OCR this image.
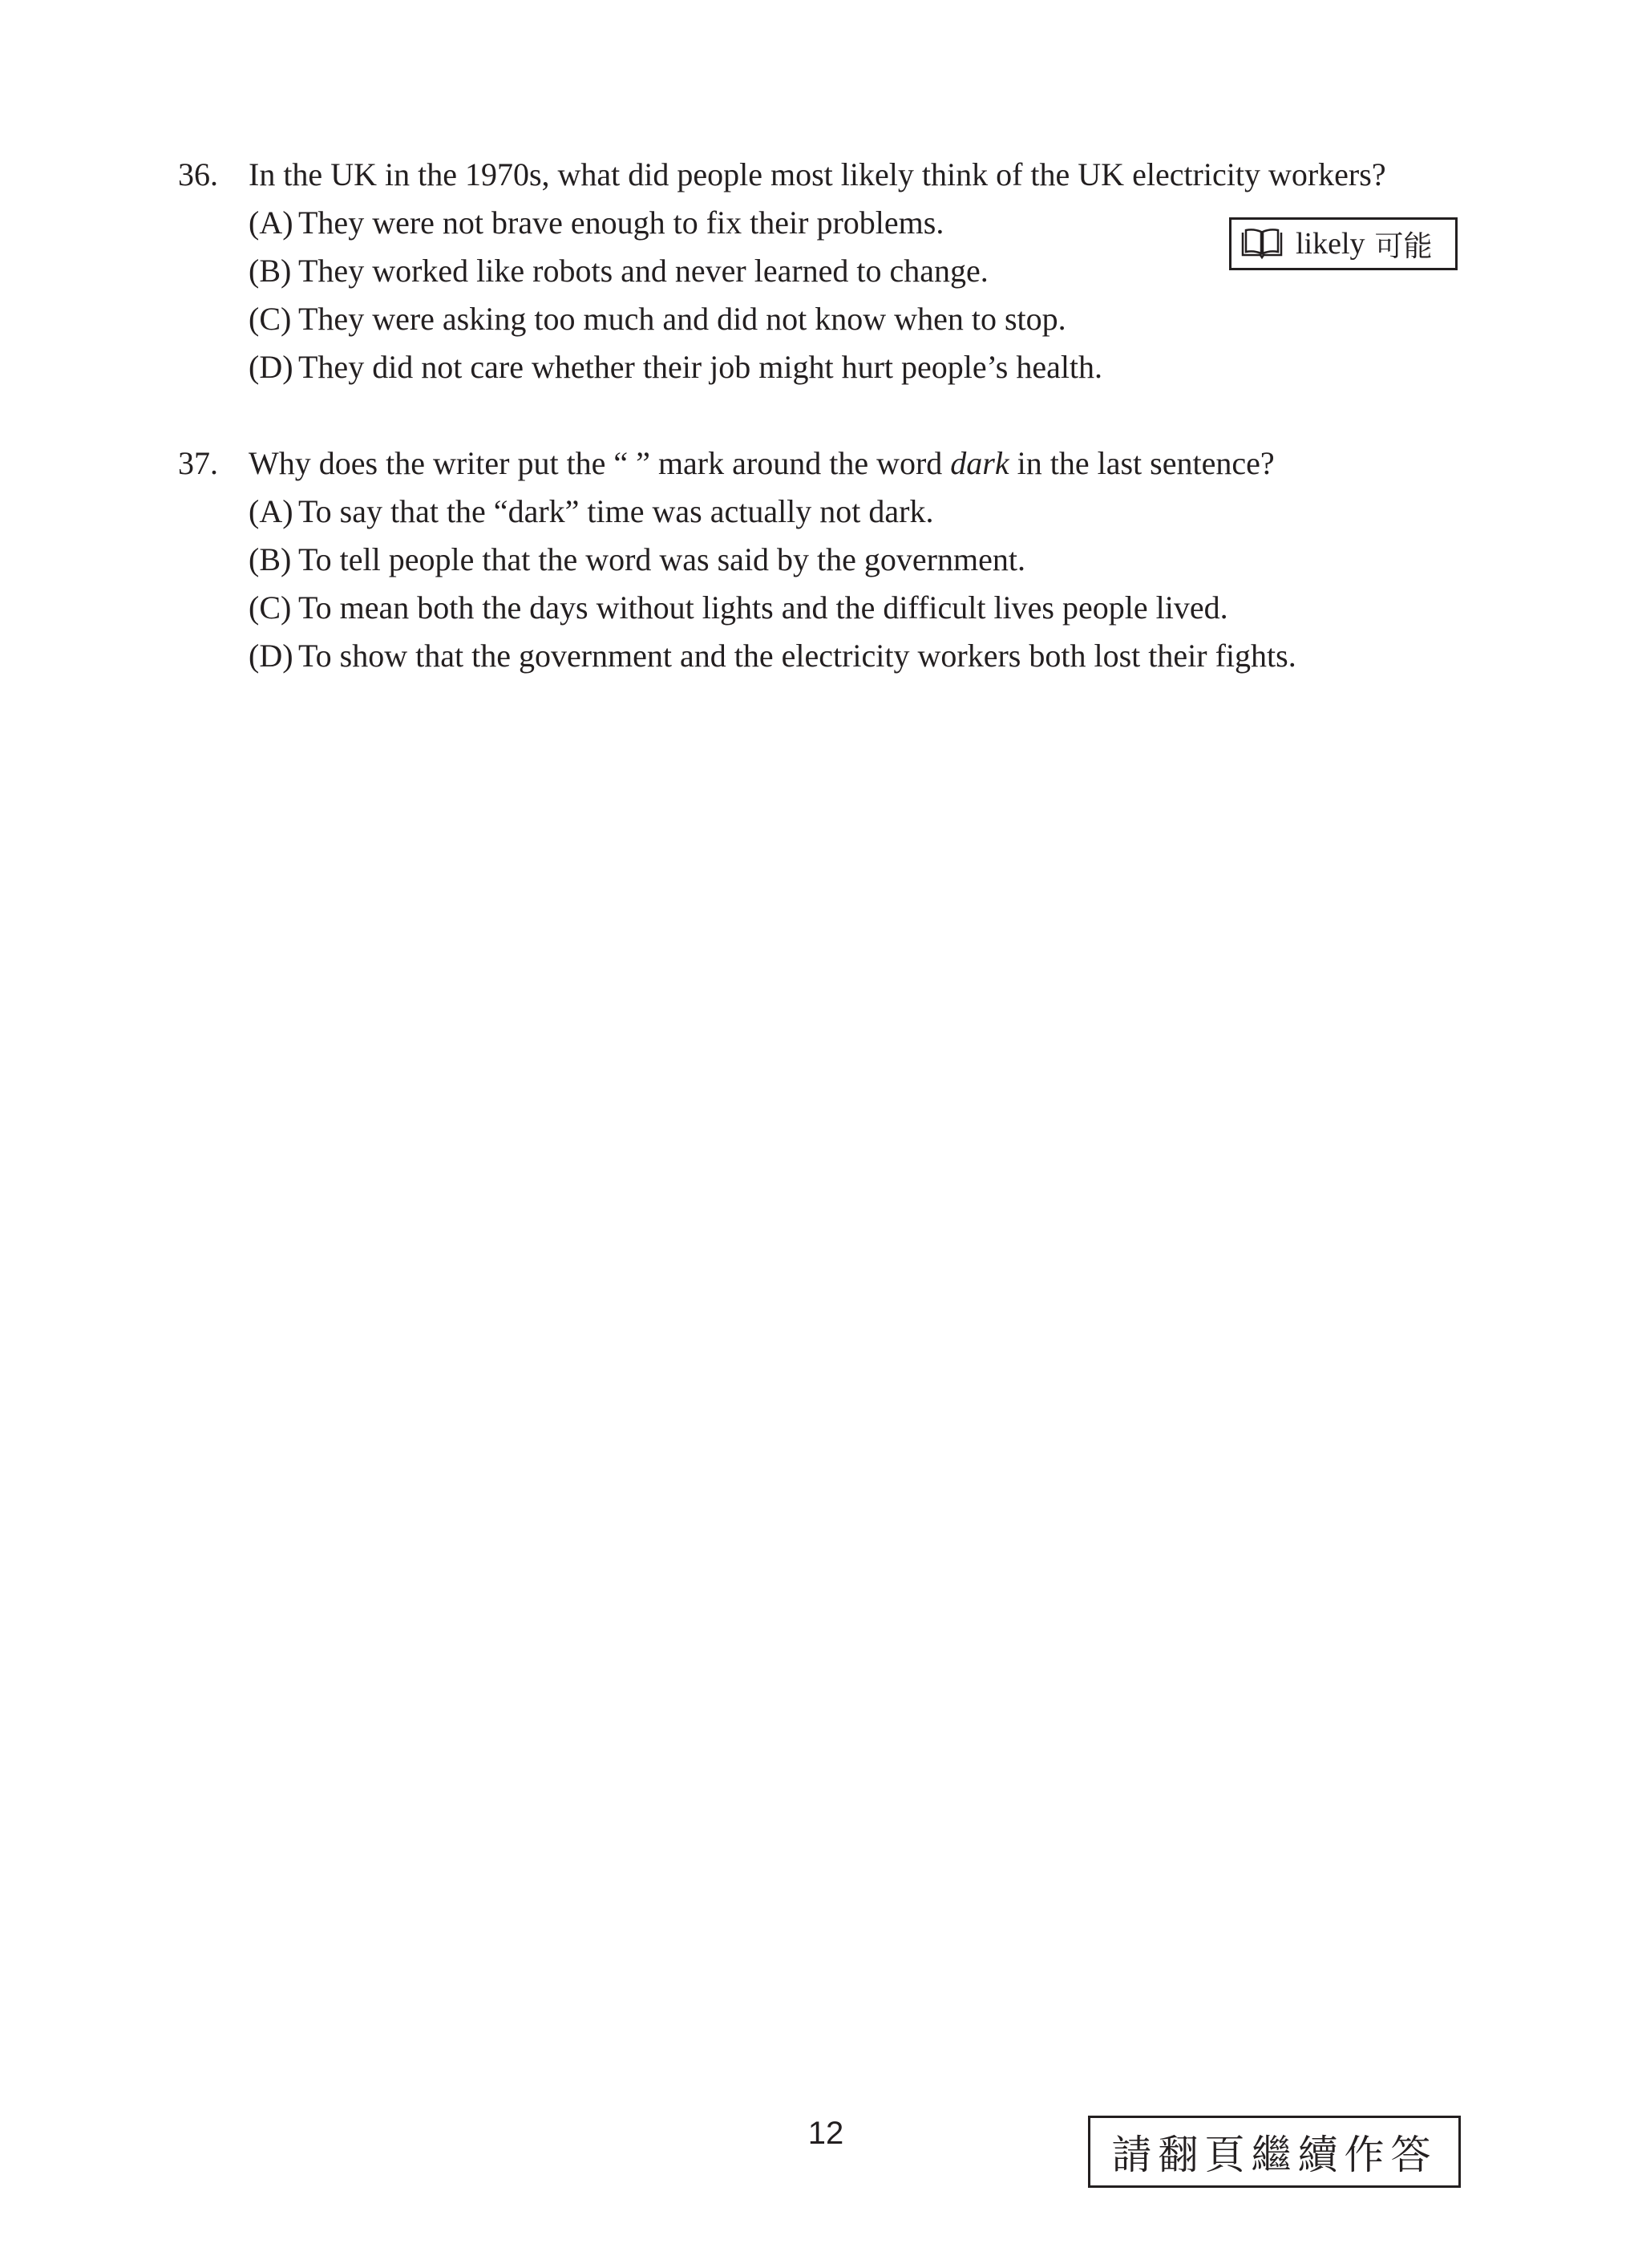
36. In the UK in the 1970s, what did people most likely think of the UK electricity workers?
(A) They were not brave enough to fix their problems.
(B) They worked like robots and never learned to change.
(C) They were asking too much and did not know when to stop.
(D) They did not care whether their job might hurt people’s health.
likely 可能
37. Why does the writer put the “ ” mark around the word dark in the last sentence?
(A) To say that the “dark” time was actually not dark.
(B) To tell people that the word was said by the government.
(C) To mean both the days without lights and the difficult lives people lived.
(D) To show that the government and the electricity workers both lost their fights.
12	請翻頁繼續作答
